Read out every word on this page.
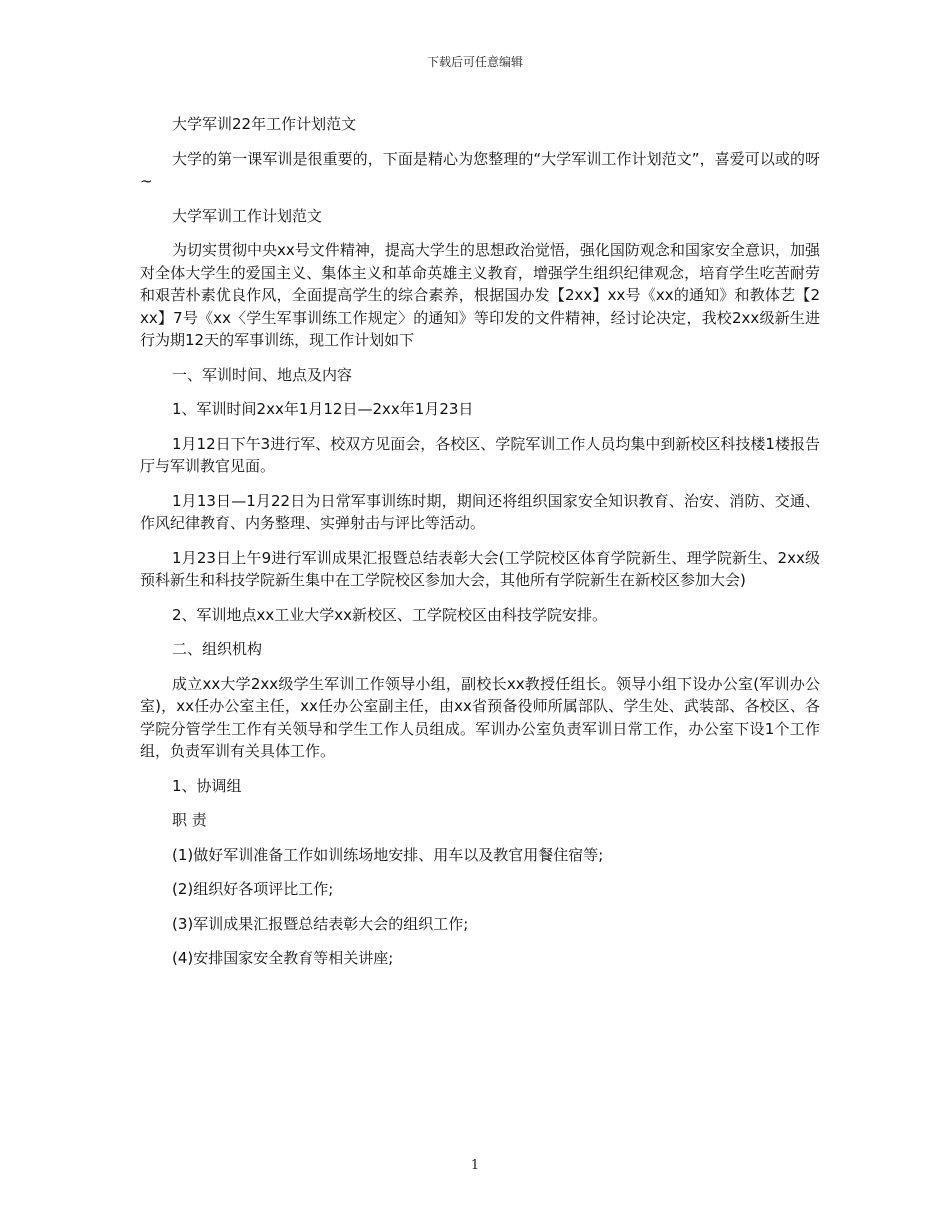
下载后可任意编辑

大学军训22年工作计划范文

大学的第一课军训是很重要的，下面是精心为您整理的“大学军训工作计划范文”，喜爱可以或的呀~

大学军训工作计划范文

为切实贯彻中央xx号文件精神，提高大学生的思想政治觉悟，强化国防观念和国家安全意识，加强对全体大学生的爱国主义、集体主义和革命英雄主义教育，增强学生组织纪律观念，培育学生吃苦耐劳和艰苦朴素优良作风，全面提高学生的综合素养，根据国办发【2xx】xx号《xx的通知》和教体艺【2xx】7号《xx〈学生军事训练工作规定〉的通知》等印发的文件精神，经讨论决定，我校2xx级新生进行为期12天的军事训练，现工作计划如下

一、军训时间、地点及内容

1、军训时间2xx年1月12日—2xx年1月23日

1月12日下午3进行军、校双方见面会，各校区、学院军训工作人员均集中到新校区科技楼1楼报告厅与军训教官见面。

1月13日—1月22日为日常军事训练时期，期间还将组织国家安全知识教育、治安、消防、交通、作风纪律教育、内务整理、实弹射击与评比等活动。

1月23日上午9进行军训成果汇报暨总结表彰大会(工学院校区体育学院新生、理学院新生、2xx级预科新生和科技学院新生集中在工学院校区参加大会，其他所有学院新生在新校区参加大会)

2、军训地点xx工业大学xx新校区、工学院校区由科技学院安排。

二、组织机构

成立xx大学2xx级学生军训工作领导小组，副校长xx教授任组长。领导小组下设办公室(军训办公室)，xx任办公室主任，xx任办公室副主任，由xx省预备役师所属部队、学生处、武装部、各校区、各学院分管学生工作有关领导和学生工作人员组成。军训办公室负责军训日常工作，办公室下设1个工作组，负责军训有关具体工作。

1、协调组

职 责

(1)做好军训准备工作如训练场地安排、用车以及教官用餐住宿等;

(2)组织好各项评比工作;

(3)军训成果汇报暨总结表彰大会的组织工作;

(4)安排国家安全教育等相关讲座;

1
